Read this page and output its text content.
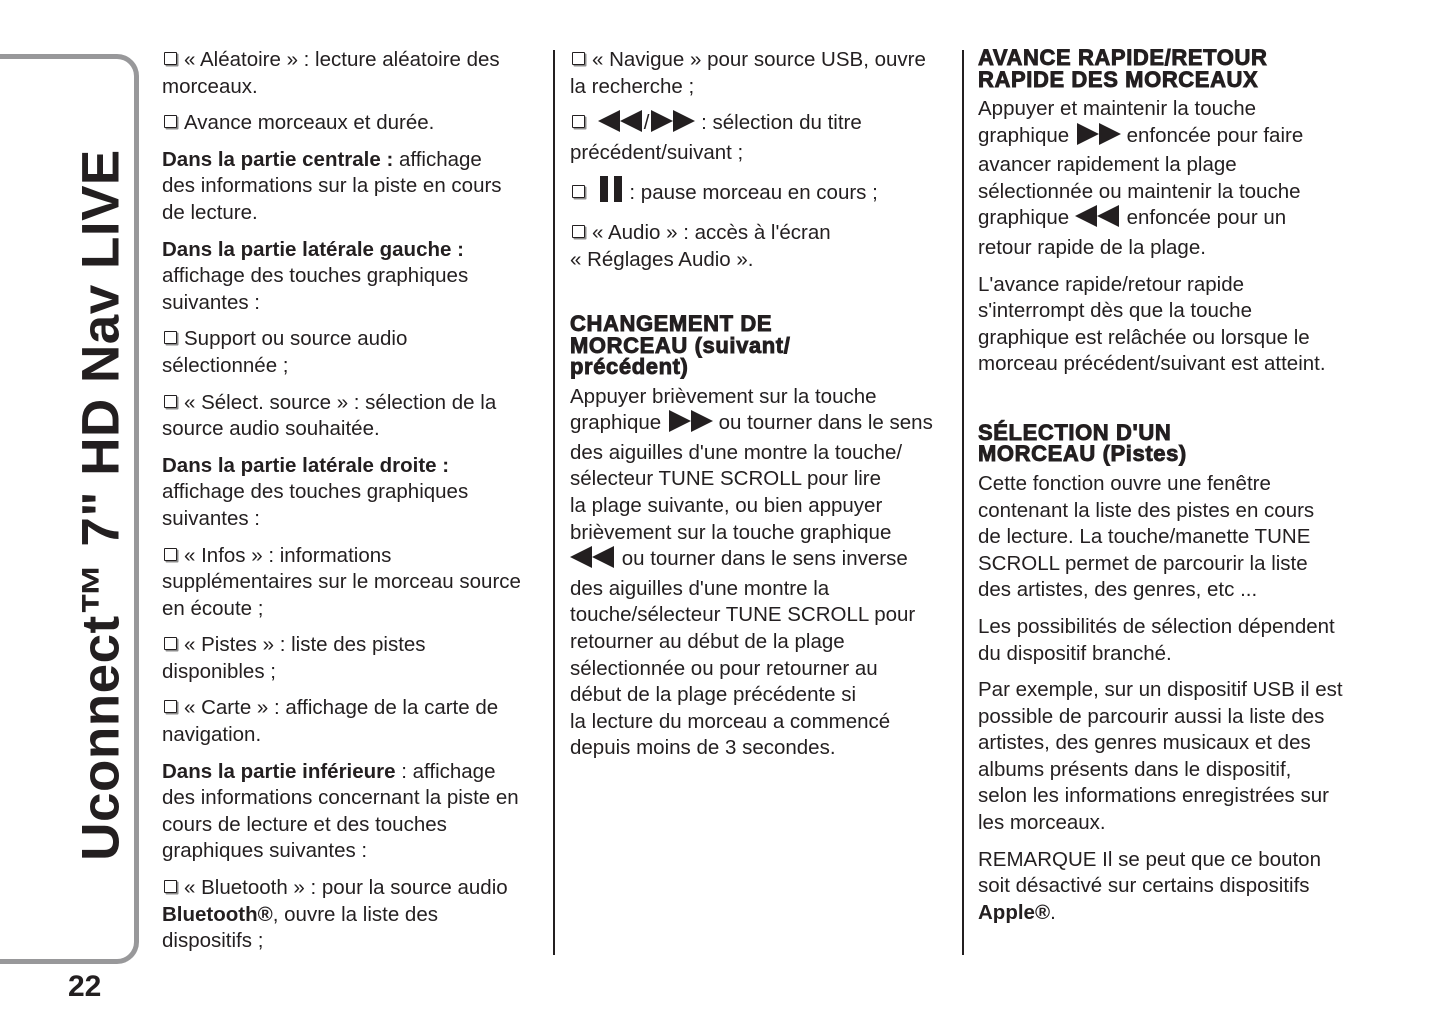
Uconnect™ 7" HD Nav LIVE
22
« Aléatoire » : lecture aléatoire des
morceaux.
Avance morceaux et durée.
Dans la partie centrale : affichage
des informations sur la piste en cours
de lecture.
Dans la partie latérale gauche :
affichage des touches graphiques
suivantes :
Support ou source audio
sélectionnée ;
« Sélect. source » : sélection de la
source audio souhaitée.
Dans la partie latérale droite :
affichage des touches graphiques
suivantes :
« Infos » : informations
supplémentaires sur le morceau source
en écoute ;
« Pistes » : liste des pistes
disponibles ;
« Carte » : affichage de la carte de
navigation.
Dans la partie inférieure : affichage
des informations concernant la piste en
cours de lecture et des touches
graphiques suivantes :
« Bluetooth » : pour la source audio
Bluetooth®, ouvre la liste des
dispositifs ;
« Navigue » pour source USB, ouvre
la recherche ;
/	: sélection du titre
précédent/suivant ;
: pause morceau en cours ;
« Audio » : accès à l'écran
« Réglages Audio ».
CHANGEMENT DE
MORCEAU (suivant/
précédent)
Appuyer brièvement sur la touche
graphique	ou tourner dans le sens
des aiguilles d'une montre la touche/
sélecteur TUNE SCROLL pour lire
la plage suivante, ou bien appuyer
brièvement sur la touche graphique
ou tourner dans le sens inverse
des aiguilles d'une montre la
touche/sélecteur TUNE SCROLL pour
retourner au début de la plage
sélectionnée ou pour retourner au
début de la plage précédente si
la lecture du morceau a commencé
depuis moins de 3 secondes.
AVANCE RAPIDE/RETOUR
RAPIDE DES MORCEAUX
Appuyer et maintenir la touche
graphique	enfoncée pour faire
avancer rapidement la plage
sélectionnée ou maintenir la touche
graphique	enfoncée pour un
retour rapide de la plage.
L'avance rapide/retour rapide
s'interrompt dès que la touche
graphique est relâchée ou lorsque le
morceau précédent/suivant est atteint.
SÉLECTION D'UN
MORCEAU (Pistes)
Cette fonction ouvre une fenêtre
contenant la liste des pistes en cours
de lecture. La touche/manette TUNE
SCROLL permet de parcourir la liste
des artistes, des genres, etc ...
Les possibilités de sélection dépendent
du dispositif branché.
Par exemple, sur un dispositif USB il est
possible de parcourir aussi la liste des
artistes, des genres musicaux et des
albums présents dans le dispositif,
selon les informations enregistrées sur
les morceaux.
REMARQUE Il se peut que ce bouton
soit désactivé sur certains dispositifs
Apple®.
